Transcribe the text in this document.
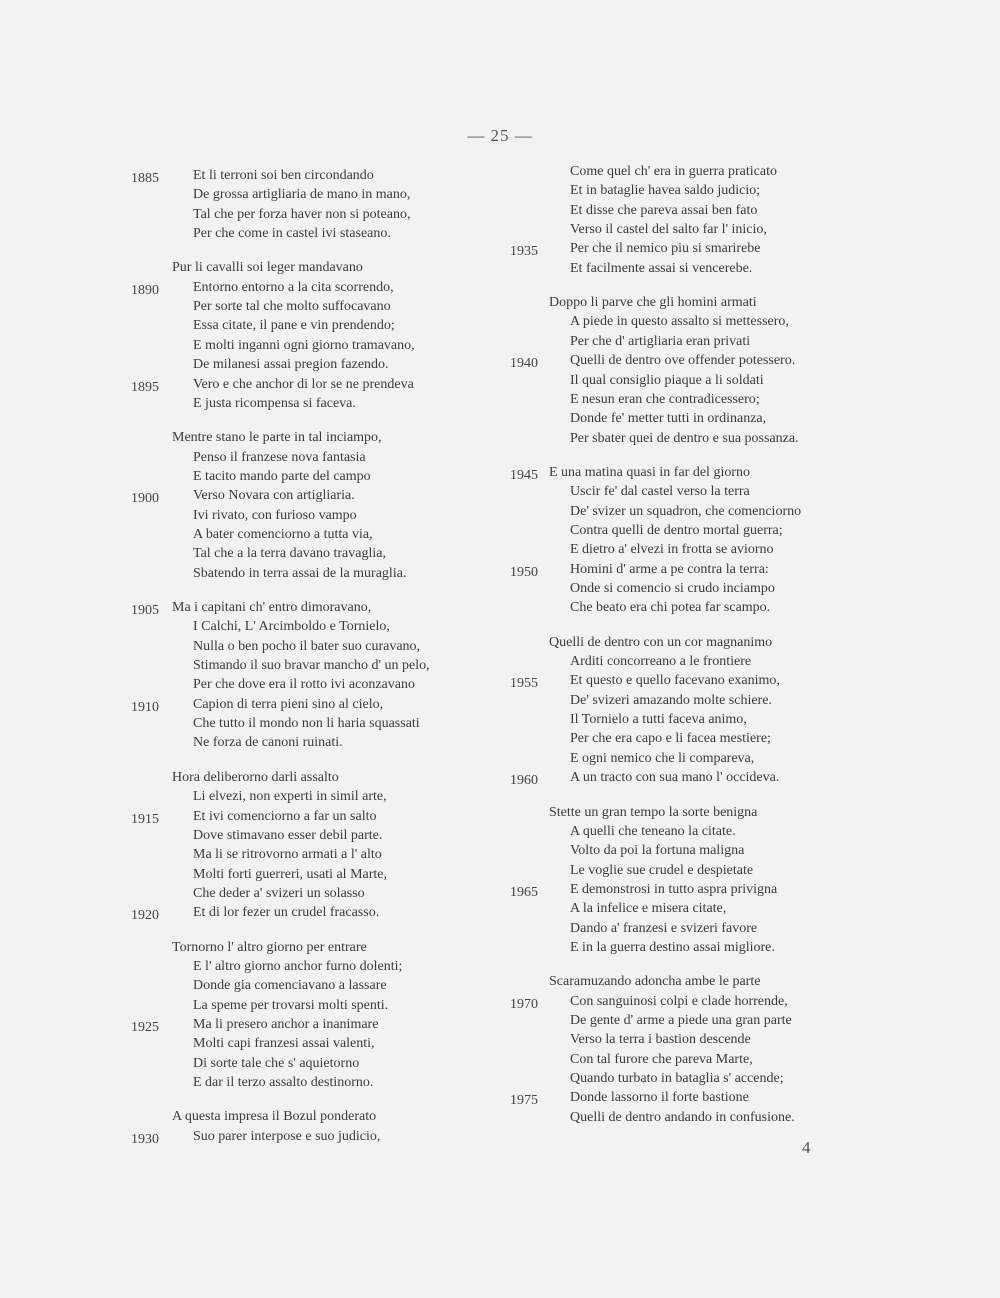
— 25 —
1885 Et li terroni soi ben circondando
De grossa artigliaria de mano in mano,
Tal che per forza haver non si poteano,
Per che come in castel ivi staseano.
Pur li cavalli soi leger mandavano
1890 Entorno entorno a la cita scorrendo,
Per sorte tal che molto suffocavano
Essa citate, il pane e vin prendendo;
E molti inganni ogni giorno tramavano,
De milanesi assai pregion fazendo.
1895 Vero e che anchor di lor se ne prendeva
E justa ricompensa si faceva.
Mentre stano le parte in tal inciampo,
Penso il franzese nova fantasia
E tacito mando parte del campo
1900 Verso Novara con artigliaria.
Ivi rivato, con furioso vampo
A bater comenciorno a tutta via,
Tal che a la terra davano travaglia,
Sbatendo in terra assai de la muraglia.
1905 Ma i capitani ch' entro dimoravano,
I Calchi, L' Arcimboldo e Tornielo,
Nulla o ben pocho il bater suo curavano,
Stimando il suo bravar mancho d' un pelo,
Per che dove era il rotto ivi aconzavano
1910 Capion di terra pieni sino al cielo,
Che tutto il mondo non li haria squassati
Ne forza de canoni ruinati.
Hora deliberorno darli assalto
Li elvezi, non experti in simil arte,
1915 Et ivi comenciorno a far un salto
Dove stimavano esser debil parte.
Ma li se ritrovorno armati a l' alto
Molti forti guerreri, usati al Marte,
Che deder a' svizeri un solasso
1920 Et di lor fezer un crudel fracasso.
Tornorno l' altro giorno per entrare
E l' altro giorno anchor furno dolenti;
Donde gia comenciavano a lassare
La speme per trovarsi molti spenti.
1925 Ma li presero anchor a inanimare
Molti capi franzesi assai valenti,
Di sorte tale che s' aquietorno
E dar il terzo assalto destinorno.
A questa impresa il Bozul ponderato
1930 Suo parer interpose e suo judicio,
Come quel ch' era in guerra praticato
Et in bataglie havea saldo judicio;
Et disse che pareva assai ben fato
Verso il castel del salto far l' inicio,
1935 Per che il nemico piu si smarirebe
Et facilmente assai si vencerebe.
Doppo li parve che gli homini armati
A piede in questo assalto si mettessero,
Per che d' artigliaria eran privati
1940 Quelli de dentro ove offender potessero.
Il qual consiglio piaque a li soldati
E nesun eran che contradicessero;
Donde fe' metter tutti in ordinanza,
Per sbater quei de dentro e sua possanza.
1945 E una matina quasi in far del giorno
Uscir fe' dal castel verso la terra
De' svizer un squadron, che comenciorno
Contra quelli de dentro mortal guerra;
E dietro a' elvezi in frotta se aviorno
1950 Homini d' arme a pe contra la terra:
Onde si comencio si crudo inciampo
Che beato era chi potea far scampo.
Quelli de dentro con un cor magnanimo
Arditi concorreano a le frontiere
1955 Et questo e quello facevano exanimo,
De' svizeri amazando molte schiere.
Il Tornielo a tutti faceva animo,
Per che era capo e li facea mestiere;
E ogni nemico che li compareva,
1960 A un tracto con sua mano l' occideva.
Stette un gran tempo la sorte benigna
A quelli che teneano la citate.
Volto da poi la fortuna maligna
Le voglie sue crudel e despietate
1965 E demonstrosi in tutto aspra privigna
A la infelice e misera citate,
Dando a' franzesi e svizeri favore
E in la guerra destino assai migliore.
Scaramuzando adoncha ambe le parte
1970 Con sanguinosi colpi e clade horrende,
De gente d' arme a piede una gran parte
Verso la terra i bastion descende
Con tal furore che pareva Marte,
Quando turbato in bataglia s' accende;
1975 Donde lassorno il forte bastione
Quelli de dentro andando in confusione.
4
